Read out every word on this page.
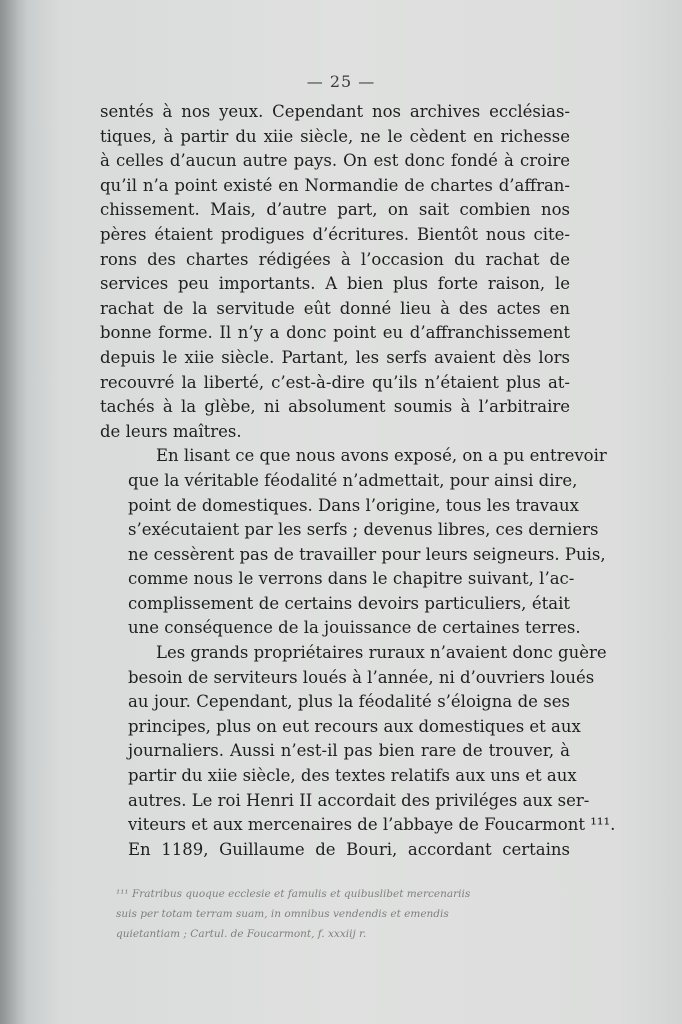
— 25 —

sentés à nos yeux. Cependant nos archives ecclésias-
tiques, à partir du xiie siècle, ne le cèdent en richesse
à celles d’aucun autre pays. On est donc fondé à croire
qu’il n’a point existé en Normandie de chartes d’affran-
chissement. Mais, d’autre part, on sait combien nos
pères étaient prodigues d’écritures. Bientôt nous cite-
rons des chartes rédigées à l’occasion du rachat de
services peu importants. A bien plus forte raison, le
rachat de la servitude eût donné lieu à des actes en
bonne forme. Il n’y a donc point eu d’affranchissement
depuis le xiie siècle. Partant, les serfs avaient dès lors
recouvré la liberté, c’est-à-dire qu’ils n’étaient plus at-
tachés à la glèbe, ni absolument soumis à l’arbitraire
de leurs maîtres.

En lisant ce que nous avons exposé, on a pu entrevoir
que la véritable féodalité n’admettait, pour ainsi dire,
point de domestiques. Dans l’origine, tous les travaux
s’exécutaient par les serfs ; devenus libres, ces derniers
ne cessèrent pas de travailler pour leurs seigneurs. Puis,
comme nous le verrons dans le chapitre suivant, l’ac-
complissement de certains devoirs particuliers, était
une conséquence de la jouissance de certaines terres.

Les grands propriétaires ruraux n’avaient donc guère
besoin de serviteurs loués à l’année, ni d’ouvriers loués
au jour. Cependant, plus la féodalité s’éloigna de ses
principes, plus on eut recours aux domestiques et aux
journaliers. Aussi n’est-il pas bien rare de trouver, à
partir du xiie siècle, des textes relatifs aux uns et aux
autres. Le roi Henri II accordait des priviléges aux ser-
viteurs et aux mercenaires de l’abbaye de Foucarmont ¹¹¹.
En 1189, Guillaume de Bouri, accordant certains

¹¹¹ Fratribus quoque ecclesie et famulis et quibuslibet mercenariis
suis per totam terram suam, in omnibus vendendis et emendis
quietantiam ; Cartul. de Foucarmont, f. xxxiij r.
